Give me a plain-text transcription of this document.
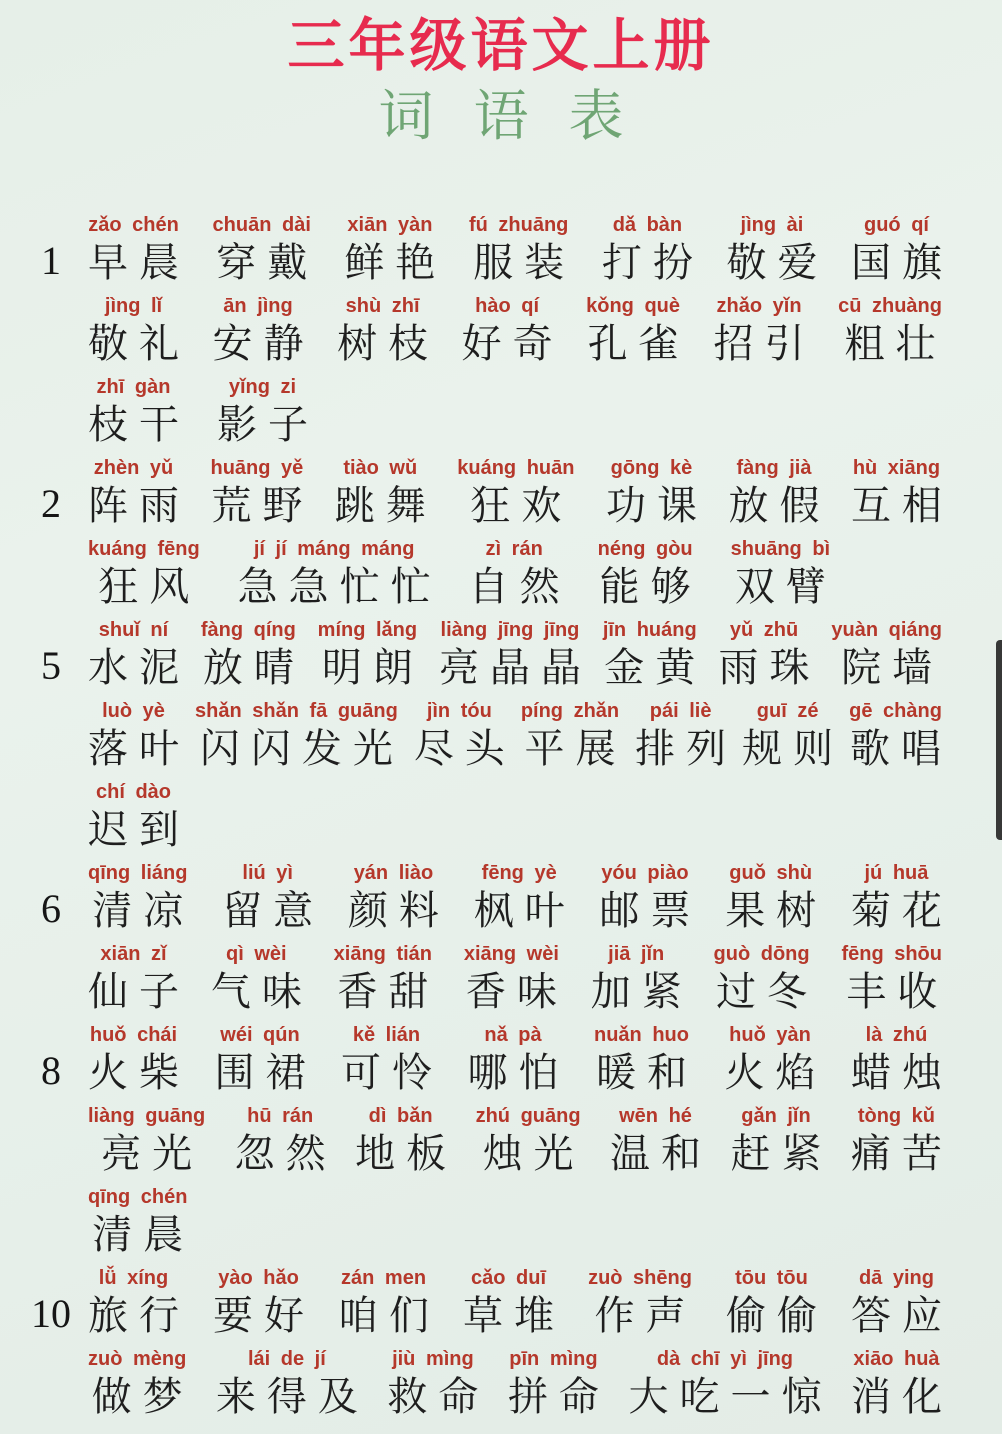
三年级语文上册
词语表
1
zǎo chén
早晨
chuān dài
穿戴
xiān yàn
鲜艳
fú zhuāng
服装
dǎ bàn
打扮
jìng ài
敬爱
guó qí
国旗
jìng lǐ
敬礼
ān jìng
安静
shù zhī
树枝
hào qí
好奇
kǒng què
孔雀
zhǎo yǐn
招引
cū zhuàng
粗壮
zhī gàn
枝干
yǐng zi
影子
2
zhèn yǔ
阵雨
huāng yě
荒野
tiào wǔ
跳舞
kuáng huān
狂欢
gōng kè
功课
fàng jià
放假
hù xiāng
互相
kuáng fēng
狂风
jí jí máng máng
急急忙忙
zì rán
自然
néng gòu
能够
shuāng bì
双臂
5
shuǐ ní
水泥
fàng qíng
放晴
míng lǎng
明朗
liàng jīng jīng
亮晶晶
jīn huáng
金黄
yǔ zhū
雨珠
yuàn qiáng
院墙
luò yè
落叶
shǎn shǎn fā guāng
闪闪发光
jìn tóu
尽头
píng zhǎn
平展
pái liè
排列
guī zé
规则
gē chàng
歌唱
chí dào
迟到
6
qīng liáng
清凉
liú yì
留意
yán liào
颜料
fēng yè
枫叶
yóu piào
邮票
guǒ shù
果树
jú huā
菊花
xiān zǐ
仙子
qì wèi
气味
xiāng tián
香甜
xiāng wèi
香味
jiā jǐn
加紧
guò dōng
过冬
fēng shōu
丰收
8
huǒ chái
火柴
wéi qún
围裙
kě lián
可怜
nǎ pà
哪怕
nuǎn huo
暖和
huǒ yàn
火焰
là zhú
蜡烛
liàng guāng
亮光
hū rán
忽然
dì bǎn
地板
zhú guāng
烛光
wēn hé
温和
gǎn jǐn
赶紧
tòng kǔ
痛苦
qīng chén
清晨
10
lǚ xíng
旅行
yào hǎo
要好
zán men
咱们
cǎo duī
草堆
zuò shēng
作声
tōu tōu
偷偷
dā ying
答应
zuò mèng
做梦
lái de jí
来得及
jiù mìng
救命
pīn mìng
拼命
dà chī yì jīng
大吃一惊
xiāo huà
消化
